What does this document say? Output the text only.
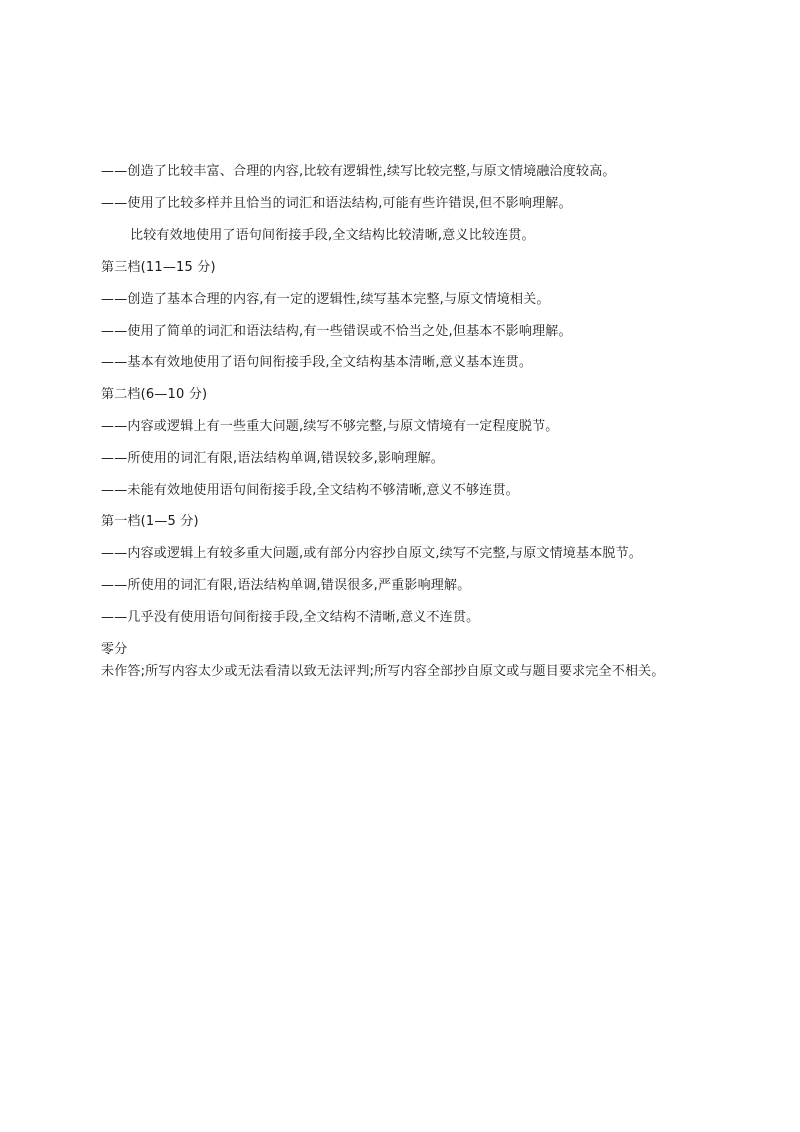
——创造了比较丰富、合理的内容,比较有逻辑性,续写比较完整,与原文情境融洽度较高。
——使用了比较多样并且恰当的词汇和语法结构,可能有些许错误,但不影响理解。
比较有效地使用了语句间衔接手段,全文结构比较清晰,意义比较连贯。
第三档(11—15 分)
——创造了基本合理的内容,有一定的逻辑性,续写基本完整,与原文情境相关。
——使用了简单的词汇和语法结构,有一些错误或不恰当之处,但基本不影响理解。
——基本有效地使用了语句间衔接手段,全文结构基本清晰,意义基本连贯。
第二档(6—10 分)
——内容或逻辑上有一些重大问题,续写不够完整,与原文情境有一定程度脱节。
——所使用的词汇有限,语法结构单调,错误较多,影响理解。
——未能有效地使用语句间衔接手段,全文结构不够清晰,意义不够连贯。
第一档(1—5 分)
——内容或逻辑上有较多重大问题,或有部分内容抄自原文,续写不完整,与原文情境基本脱节。
——所使用的词汇有限,语法结构单调,错误很多,严重影响理解。
——几乎没有使用语句间衔接手段,全文结构不清晰,意义不连贯。
零分
未作答;所写内容太少或无法看清以致无法评判;所写内容全部抄自原文或与题目要求完全不相关。
